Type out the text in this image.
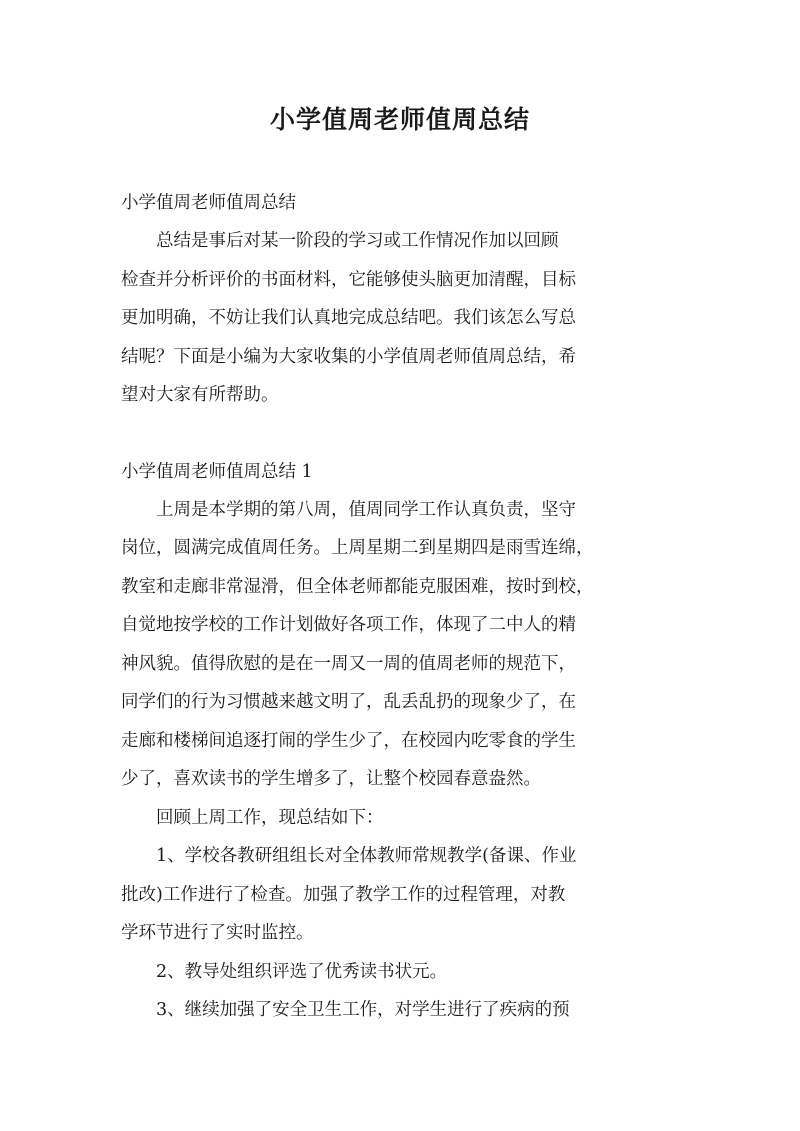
小学值周老师值周总结
小学值周老师值周总结
　　总结是事后对某一阶段的学习或工作情况作加以回顾
检查并分析评价的书面材料，它能够使头脑更加清醒，目标
更加明确，不妨让我们认真地完成总结吧。我们该怎么写总
结呢？下面是小编为大家收集的小学值周老师值周总结，希
望对大家有所帮助。
小学值周老师值周总结 1
　　上周是本学期的第八周，值周同学工作认真负责，坚守
岗位，圆满完成值周任务。上周星期二到星期四是雨雪连绵，
教室和走廊非常湿滑，但全体老师都能克服困难，按时到校，
自觉地按学校的工作计划做好各项工作，体现了二中人的精
神风貌。值得欣慰的是在一周又一周的值周老师的规范下，
同学们的行为习惯越来越文明了，乱丢乱扔的现象少了，在
走廊和楼梯间追逐打闹的学生少了，在校园内吃零食的学生
少了，喜欢读书的学生增多了，让整个校园春意盎然。
　　回顾上周工作，现总结如下：
　　1、学校各教研组组长对全体教师常规教学(备课、作业
批改)工作进行了检查。加强了教学工作的过程管理，对教
学环节进行了实时监控。
　　2、教导处组织评选了优秀读书状元。
　　3、继续加强了安全卫生工作，对学生进行了疾病的预
